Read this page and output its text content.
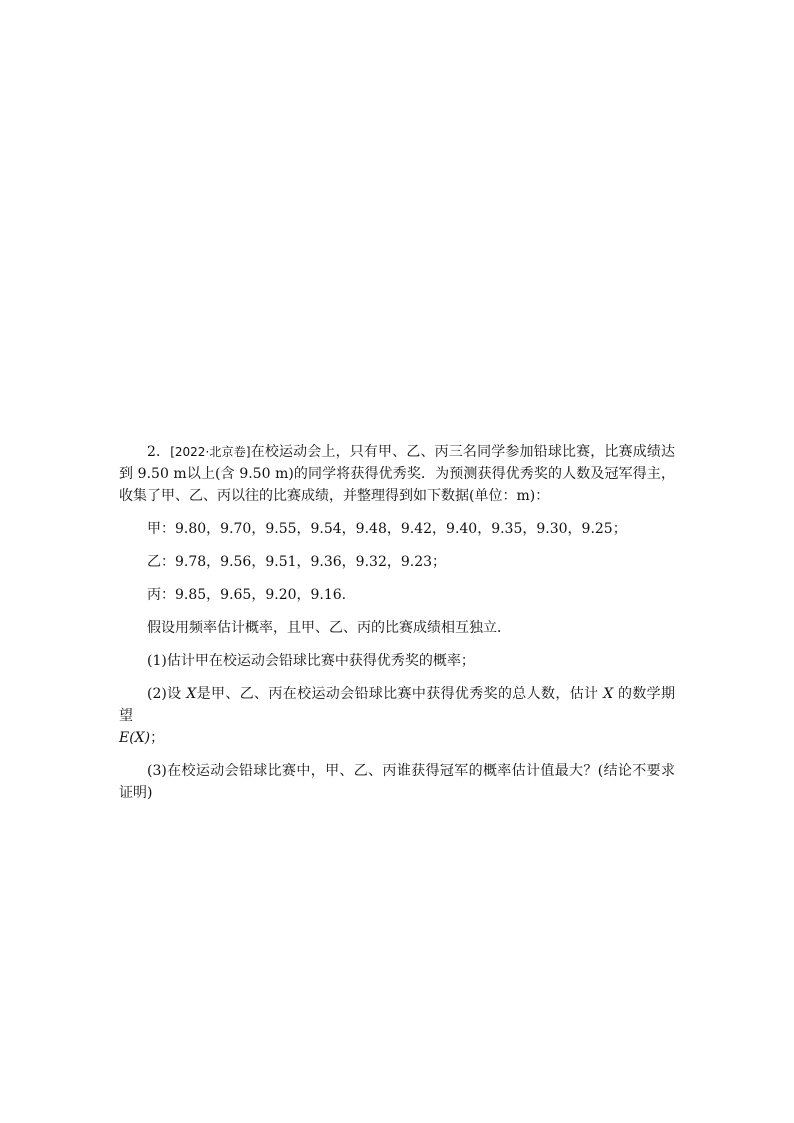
2．[2022·北京卷]在校运动会上，只有甲、乙、丙三名同学参加铅球比赛，比赛成绩达到 9.50 m以上(含 9.50 m)的同学将获得优秀奖．为预测获得优秀奖的人数及冠军得主，收集了甲、乙、丙以往的比赛成绩，并整理得到如下数据(单位：m)：

甲：9.80，9.70，9.55，9.54，9.48，9.42，9.40，9.35，9.30，9.25；

乙：9.78，9.56，9.51，9.36，9.32，9.23；

丙：9.85，9.65，9.20，9.16.

假设用频率估计概率，且甲、乙、丙的比赛成绩相互独立．

(1)估计甲在校运动会铅球比赛中获得优秀奖的概率；

(2)设 X是甲、乙、丙在校运动会铅球比赛中获得优秀奖的总人数，估计 X 的数学期望
E(X)；

(3)在校运动会铅球比赛中，甲、乙、丙谁获得冠军的概率估计值最大？(结论不要求证明)
